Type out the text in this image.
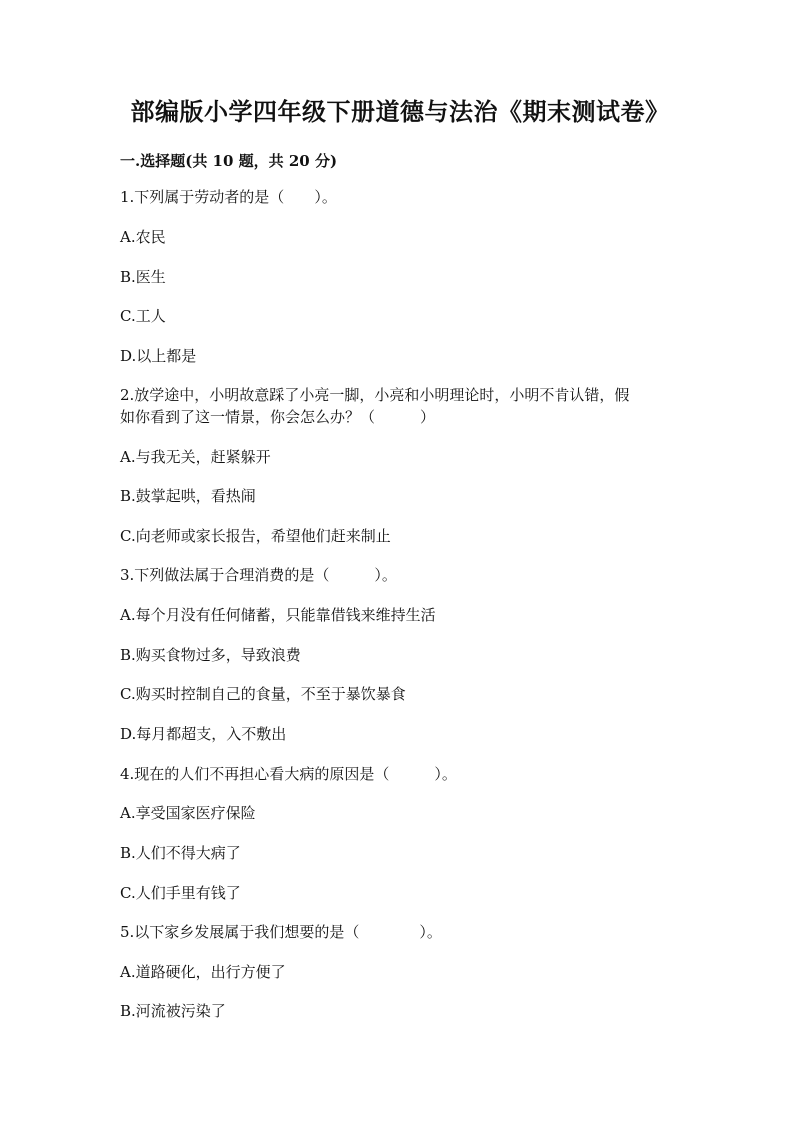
部编版小学四年级下册道德与法治《期末测试卷》
一.选择题(共 10 题，共 20 分)
1.下列属于劳动者的是（　　）。
A.农民
B.医生
C.工人
D.以上都是
2.放学途中，小明故意踩了小亮一脚，小亮和小明理论时，小明不肯认错，假
如你看到了这一情景，你会怎么办？（　　　）
A.与我无关，赶紧躲开
B.鼓掌起哄，看热闹
C.向老师或家长报告，希望他们赶来制止
3.下列做法属于合理消费的是（　　　）。
A.每个月没有任何储蓄，只能靠借钱来维持生活
B.购买食物过多，导致浪费
C.购买时控制自己的食量，不至于暴饮暴食
D.每月都超支，入不敷出
4.现在的人们不再担心看大病的原因是（　　　）。
A.享受国家医疗保险
B.人们不得大病了
C.人们手里有钱了
5.以下家乡发展属于我们想要的是（　　　　）。
A.道路硬化，出行方便了
B.河流被污染了
